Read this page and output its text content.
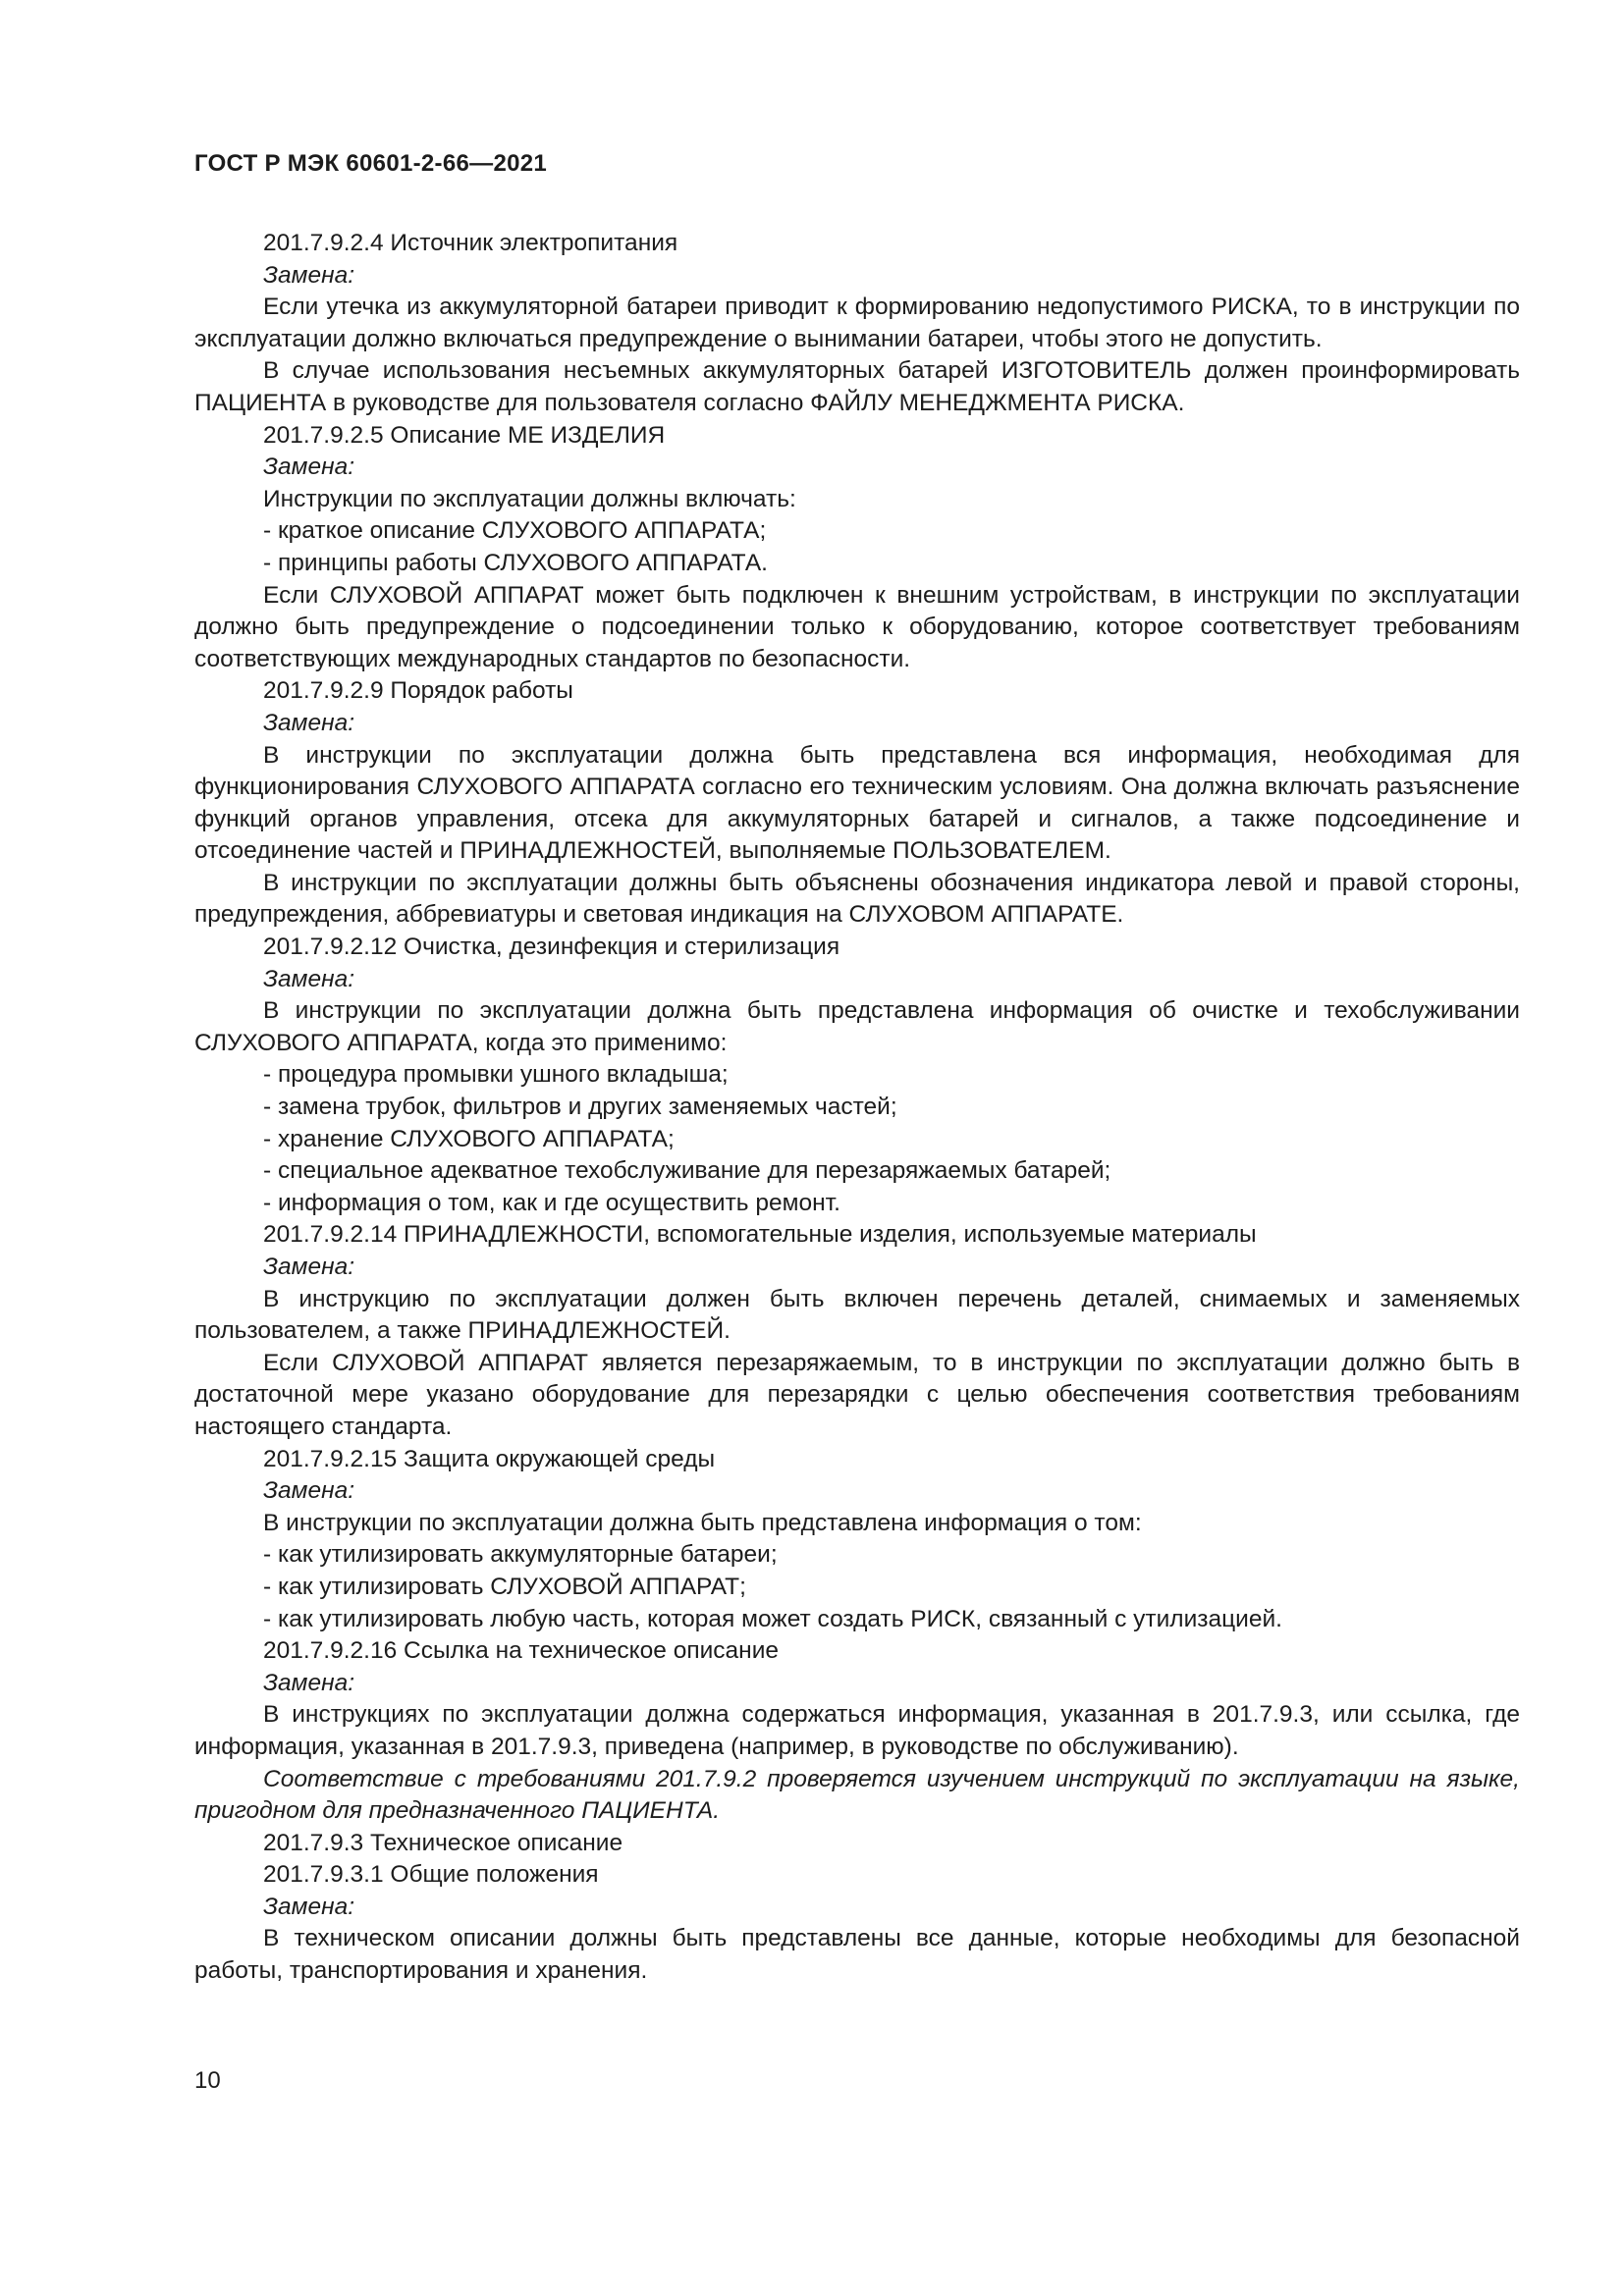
ГОСТ Р МЭК 60601-2-66—2021

201.7.9.2.4 Источник электропитания

Замена:

Если утечка из аккумуляторной батареи приводит к формированию недопустимого РИСКА, то в инструкции по эксплуатации должно включаться предупреждение о вынимании батареи, чтобы этого не допустить.

В случае использования несъемных аккумуляторных батарей ИЗГОТОВИТЕЛЬ должен проинформировать ПАЦИЕНТА в руководстве для пользователя согласно ФАЙЛУ МЕНЕДЖМЕНТА РИСКА.

201.7.9.2.5 Описание МЕ ИЗДЕЛИЯ

Замена:

Инструкции по эксплуатации должны включать:

- краткое описание СЛУХОВОГО АППАРАТА;

- принципы работы СЛУХОВОГО АППАРАТА.

Если СЛУХОВОЙ АППАРАТ может быть подключен к внешним устройствам, в инструкции по эксплуатации должно быть предупреждение о подсоединении только к оборудованию, которое соответствует требованиям соответствующих международных стандартов по безопасности.

201.7.9.2.9 Порядок работы

Замена:

В инструкции по эксплуатации должна быть представлена вся информация, необходимая для функционирования СЛУХОВОГО АППАРАТА согласно его техническим условиям. Она должна включать разъяснение функций органов управления, отсека для аккумуляторных батарей и сигналов, а также подсоединение и отсоединение частей и ПРИНАДЛЕЖНОСТЕЙ, выполняемые ПОЛЬЗОВАТЕЛЕМ.

В инструкции по эксплуатации должны быть объяснены обозначения индикатора левой и правой стороны, предупреждения, аббревиатуры и световая индикация на СЛУХОВОМ АППАРАТЕ.

201.7.9.2.12 Очистка, дезинфекция и стерилизация

Замена:

В инструкции по эксплуатации должна быть представлена информация об очистке и техобслуживании СЛУХОВОГО АППАРАТА, когда это применимо:

- процедура промывки ушного вкладыша;

- замена трубок, фильтров и других заменяемых частей;

- хранение СЛУХОВОГО АППАРАТА;

- специальное адекватное техобслуживание для перезаряжаемых батарей;

- информация о том, как и где осуществить ремонт.

201.7.9.2.14 ПРИНАДЛЕЖНОСТИ, вспомогательные изделия, используемые материалы

Замена:

В инструкцию по эксплуатации должен быть включен перечень деталей, снимаемых и заменяемых пользователем, а также ПРИНАДЛЕЖНОСТЕЙ.

Если СЛУХОВОЙ АППАРАТ является перезаряжаемым, то в инструкции по эксплуатации должно быть в достаточной мере указано оборудование для перезарядки с целью обеспечения соответствия требованиям настоящего стандарта.

201.7.9.2.15 Защита окружающей среды

Замена:

В инструкции по эксплуатации должна быть представлена информация о том:

- как утилизировать аккумуляторные батареи;

- как утилизировать СЛУХОВОЙ АППАРАТ;

- как утилизировать любую часть, которая может создать РИСК, связанный с утилизацией.

201.7.9.2.16 Ссылка на техническое описание

Замена:

В инструкциях по эксплуатации должна содержаться информация, указанная в 201.7.9.3, или ссылка, где информация, указанная в 201.7.9.3, приведена (например, в руководстве по обслуживанию).

Соответствие с требованиями 201.7.9.2 проверяется изучением инструкций по эксплуатации на языке, пригодном для предназначенного ПАЦИЕНТА.

201.7.9.3 Техническое описание

201.7.9.3.1 Общие положения

Замена:

В техническом описании должны быть представлены все данные, которые необходимы для безопасной работы, транспортирования и хранения.

10
